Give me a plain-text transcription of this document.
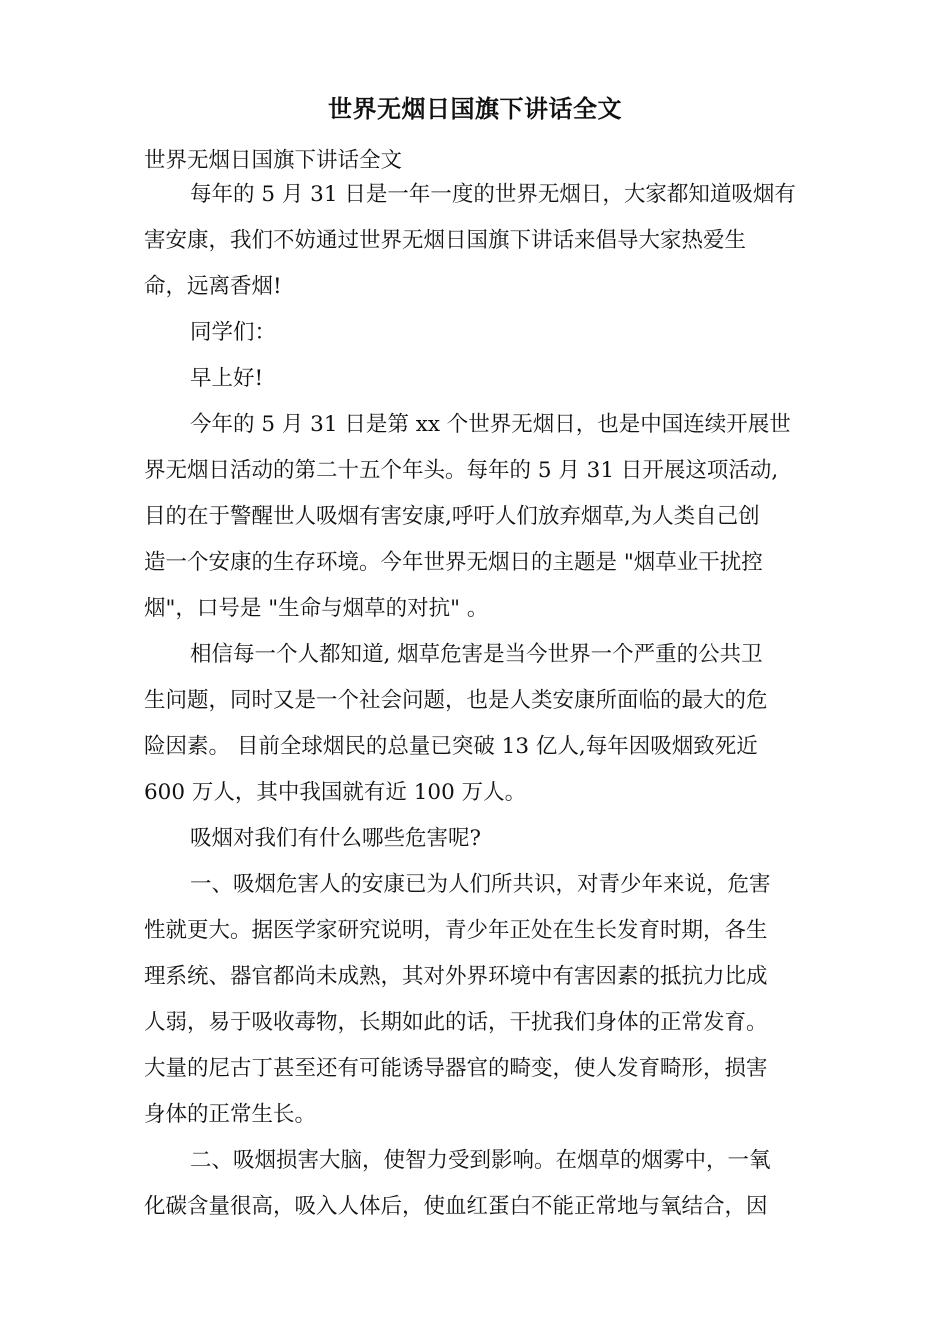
世界无烟日国旗下讲话全文
世界无烟日国旗下讲话全文
每年的 5 月 31 日是一年一度的世界无烟日，大家都知道吸烟有
害安康，我们不妨通过世界无烟日国旗下讲话来倡导大家热爱生
命，远离香烟!
同学们：
早上好!
今年的 5 月 31 日是第 xx 个世界无烟日，也是中国连续开展世
界无烟日活动的第二十五个年头。每年的 5 月 31 日开展这项活动,
目的在于警醒世人吸烟有害安康,呼吁人们放弃烟草,为人类自己创
造一个安康的生存环境。今年世界无烟日的主题是 "烟草业干扰控
烟"，口号是 "生命与烟草的对抗" 。
相信每一个人都知道, 烟草危害是当今世界一个严重的公共卫
生问题，同时又是一个社会问题，也是人类安康所面临的最大的危
险因素。 目前全球烟民的总量已突破 13 亿人,每年因吸烟致死近
600 万人，其中我国就有近 100 万人。
吸烟对我们有什么哪些危害呢?
一、吸烟危害人的安康已为人们所共识，对青少年来说，危害
性就更大。据医学家研究说明，青少年正处在生长发育时期，各生
理系统、器官都尚未成熟，其对外界环境中有害因素的抵抗力比成
人弱，易于吸收毒物，长期如此的话，干扰我们身体的正常发育。
大量的尼古丁甚至还有可能诱导器官的畸变，使人发育畸形，损害
身体的正常生长。
二、吸烟损害大脑，使智力受到影响。在烟草的烟雾中，一氧
化碳含量很高，吸入人体后，使血红蛋白不能正常地与氧结合，因
